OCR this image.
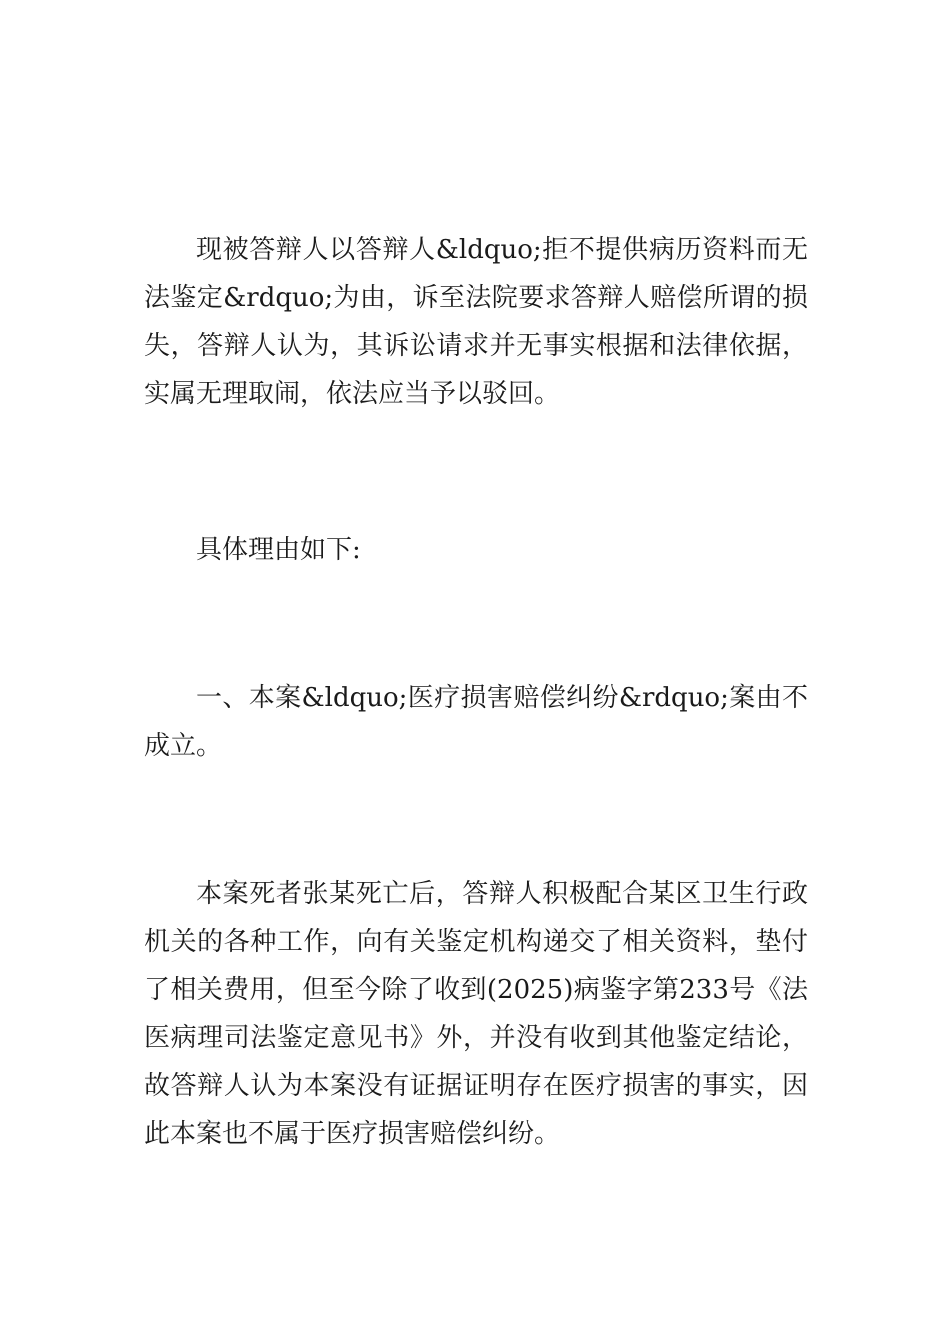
现被答辩人以答辩人&ldquo;拒不提供病历资料而无法鉴定&rdquo;为由，诉至法院要求答辩人赔偿所谓的损失，答辩人认为，其诉讼请求并无事实根据和法律依据，实属无理取闹，依法应当予以驳回。

具体理由如下:

一、本案&ldquo;医疗损害赔偿纠纷&rdquo;案由不成立。

本案死者张某死亡后，答辩人积极配合某区卫生行政机关的各种工作，向有关鉴定机构递交了相关资料，垫付了相关费用，但至今除了收到(2025)病鉴字第233号《法医病理司法鉴定意见书》外，并没有收到其他鉴定结论，故答辩人认为本案没有证据证明存在医疗损害的事实，因此本案也不属于医疗损害赔偿纠纷。
